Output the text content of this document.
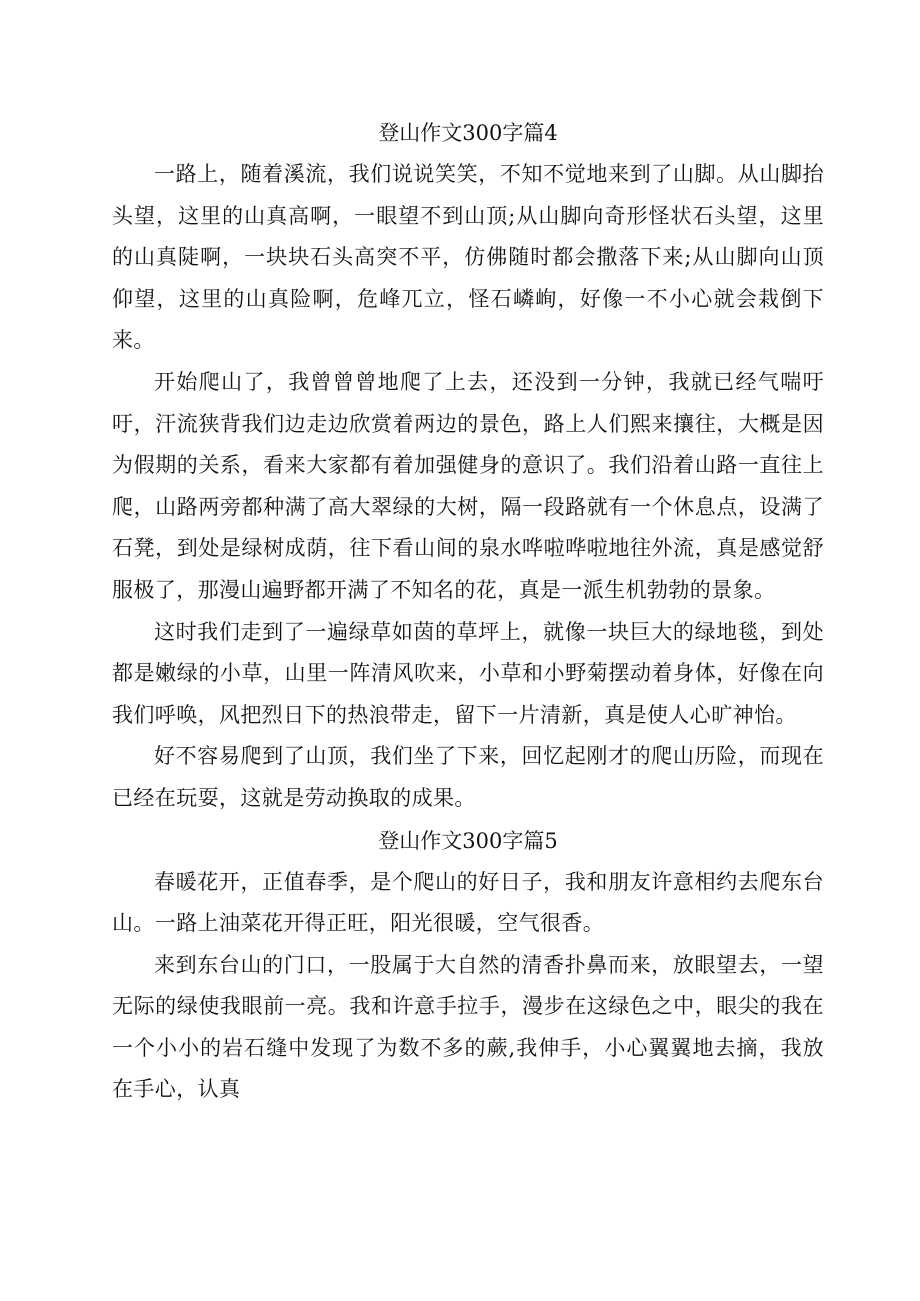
登山作文300字篇4

一路上，随着溪流，我们说说笑笑，不知不觉地来到了山脚。从山脚抬头望，这里的山真高啊，一眼望不到山顶;从山脚向奇形怪状石头望，这里的山真陡啊，一块块石头高突不平，仿佛随时都会撒落下来;从山脚向山顶仰望，这里的山真险啊，危峰兀立，怪石嶙峋，好像一不小心就会栽倒下来。

开始爬山了，我曾曾曾地爬了上去，还没到一分钟，我就已经气喘吁吁，汗流狭背我们边走边欣赏着两边的景色，路上人们熙来攘往，大概是因为假期的关系，看来大家都有着加强健身的意识了。我们沿着山路一直往上爬，山路两旁都种满了高大翠绿的大树，隔一段路就有一个休息点，设满了石凳，到处是绿树成荫，往下看山间的泉水哗啦哗啦地往外流，真是感觉舒服极了，那漫山遍野都开满了不知名的花，真是一派生机勃勃的景象。

这时我们走到了一遍绿草如茵的草坪上，就像一块巨大的绿地毯，到处都是嫩绿的小草，山里一阵清风吹来，小草和小野菊摆动着身体，好像在向我们呼唤，风把烈日下的热浪带走，留下一片清新，真是使人心旷神怡。

好不容易爬到了山顶，我们坐了下来，回忆起刚才的爬山历险，而现在已经在玩耍，这就是劳动换取的成果。

登山作文300字篇5

春暖花开，正值春季，是个爬山的好日子，我和朋友许意相约去爬东台山。一路上油菜花开得正旺，阳光很暖，空气很香。

来到东台山的门口，一股属于大自然的清香扑鼻而来，放眼望去，一望无际的绿使我眼前一亮。我和许意手拉手，漫步在这绿色之中，眼尖的我在一个小小的岩石缝中发现了为数不多的蕨,我伸手，小心翼翼地去摘，我放在手心，认真
